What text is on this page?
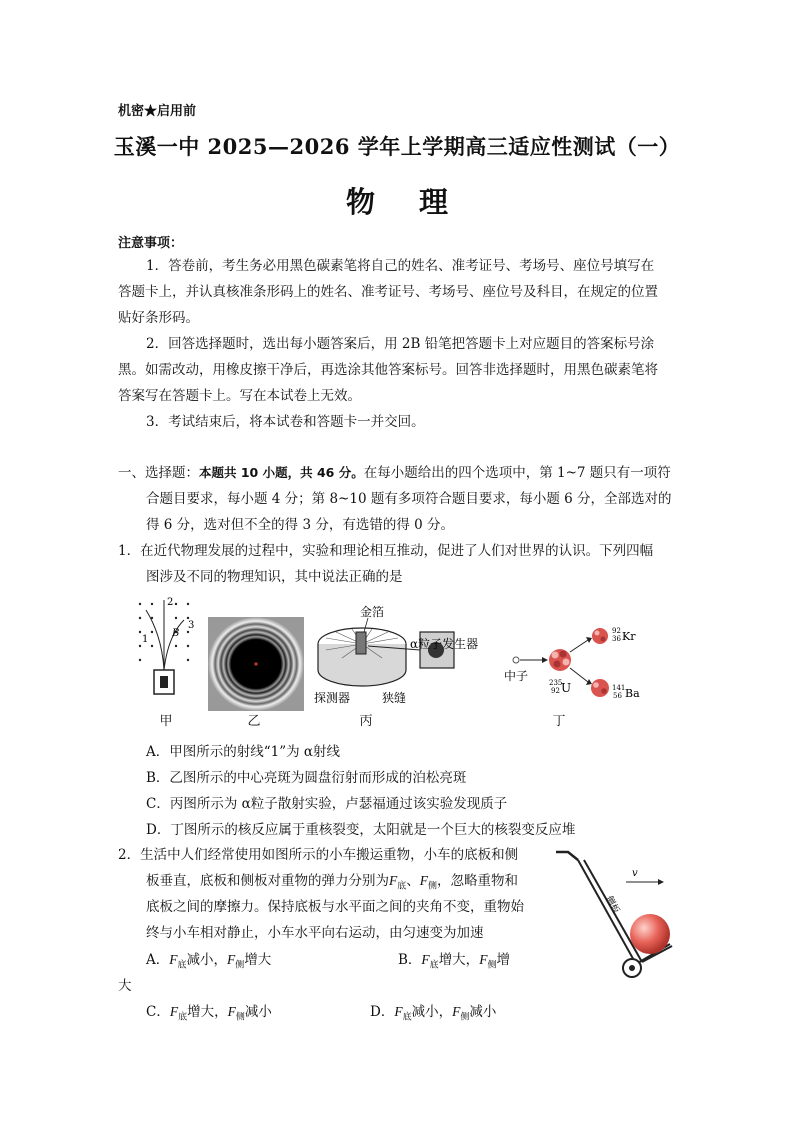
机密★启用前
玉溪一中 2025—2026 学年上学期高三适应性测试（一）
物理
注意事项：
1．答卷前，考生务必用黑色碳素笔将自己的姓名、准考证号、考场号、座位号填写在
答题卡上，并认真核准条形码上的姓名、准考证号、考场号、座位号及科目，在规定的位置
贴好条形码。
2．回答选择题时，选出每小题答案后，用 2B 铅笔把答题卡上对应题目的答案标号涂
黑。如需改动，用橡皮擦干净后，再选涂其他答案标号。回答非选择题时，用黑色碳素笔将
答案写在答题卡上。写在本试卷上无效。
3．考试结束后，将本试卷和答题卡一并交回。
一、选择题：本题共 10 小题，共 46 分。在每小题给出的四个选项中，第 1~7 题只有一项符
合题目要求，每小题 4 分；第 8~10 题有多项符合题目要求，每小题 6 分，全部选对的
得 6 分，选对但不全的得 3 分，有选错的得 0 分。
1．在近代物理发展的过程中，实验和理论相互推动，促进了人们对世界的认识。下列四幅
图涉及不同的物理知识，其中说法正确的是
1
2
3
B
金箔
α粒子发生器
探测器	狭缝
中子	235
92 U
92
36 Kr
141
56 Ba
甲	乙	丙	丁
A．甲图所示的射线“1”为 α射线
B．乙图所示的中心亮斑为圆盘衍射而形成的泊松亮斑
C．丙图所示为 α粒子散射实验，卢瑟福通过该实验发现质子
D．丁图所示的核反应属于重核裂变，太阳就是一个巨大的核裂变反应堆
2．生活中人们经常使用如图所示的小车搬运重物，小车的底板和侧
板垂直，底板和侧板对重物的弹力分别为$F_底$、$F_侧$，忽略重物和
底板之间的摩擦力。保持底板与水平面之间的夹角不变，重物始
终与小车相对静止，小车水平向右运动，由匀速变为加速
A．$F_底$减小，$F_侧$增大	B．$F_底$增大，$F_侧$增
大
C．$F_底$增大，$F_侧$减小	D．$F_底$减小，$F_侧$减小
v
侧板
